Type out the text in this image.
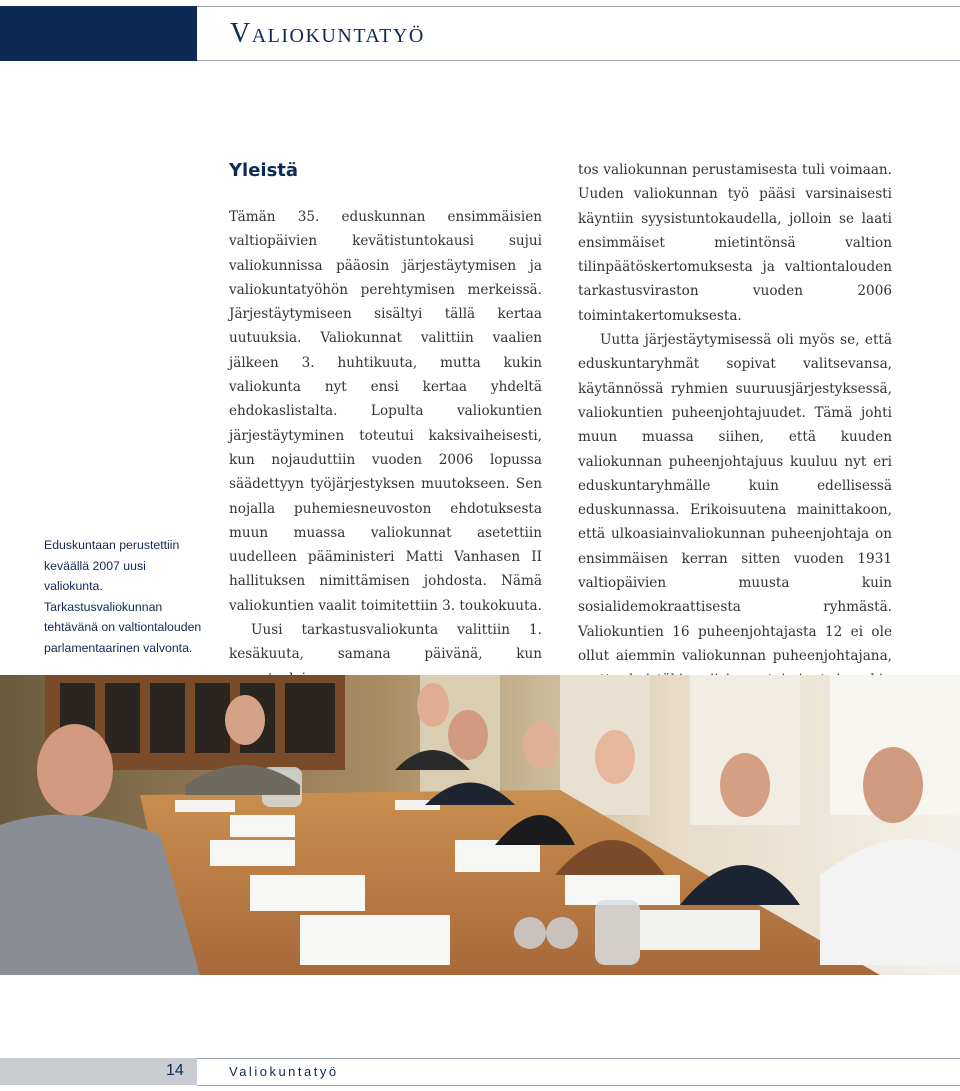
Valiokuntatyö

Eduskuntaan perustettiin

keväällä 2007 uusi valiokunta.

Tarkastusvaliokunnan

tehtävänä on valtiontalouden

parlamentaarinen valvonta.

Yleistä

Tämän 35. eduskunnan ensimmäisien valtiopäivien kevätistuntokausi sujui valiokunnissa pääosin järjestäytymisen ja valiokuntatyöhön perehtymisen merkeissä. Järjestäytymiseen sisältyi tällä kertaa uutuuksia. Valiokunnat valittiin vaalien jälkeen 3. huhtikuuta, mutta kukin valiokunta nyt ensi kertaa yhdeltä ehdokaslistalta. Lopulta valiokuntien järjestäytyminen toteutui kaksivaiheisesti, kun nojauduttiin vuoden 2006 lopussa säädettyyn työjärjestyksen muutokseen. Sen nojalla puhemiesneuvoston ehdotuksesta muun muassa valiokunnat asetettiin uudelleen pääministeri Matti Vanhasen II hallituksen nimittämisen johdosta. Nämä valiokuntien vaalit toimitettiin 3. toukokuuta.

Uusi tarkastusvaliokunta valittiin 1. kesäkuuta, samana päivänä, kun

tos valiokunnan perustamisesta tuli voimaan. Uuden valiokunnan työ pääsi varsinaisesti käyntiin syysistuntokaudella, jolloin se laati ensimmäiset mietintönsä valtion tilinpäätöskertomuksesta ja valtiontalouden tarkastusviraston vuoden 2006 toimintakertomuksesta.

Uutta järjestäytymisessä oli myös se, että eduskuntaryhmät sopivat valitsevansa, käytännössä ryhmien suuruusjärjestyksessä, valiokuntien puheenjohtajuudet. Tämä johti muun muassa siihen, että kuuden valiokunnan puheenjohtajuus kuuluu nyt eri eduskuntaryhmälle kuin edellisessä eduskunnassa. Erikoisuutena mainittakoon, että ulkoasiainvaliokunnan puheenjohtaja on ensimmäisen kerran sitten vuoden 1931 valtiopäivien muusta kuin sosialidemokraattisesta ryhmästä. Valiokuntien 16 puheenjohtajasta 12 ei ole ollut aiemmin valiokunnan puheenjohtajana,

14	Valiokuntatyö
